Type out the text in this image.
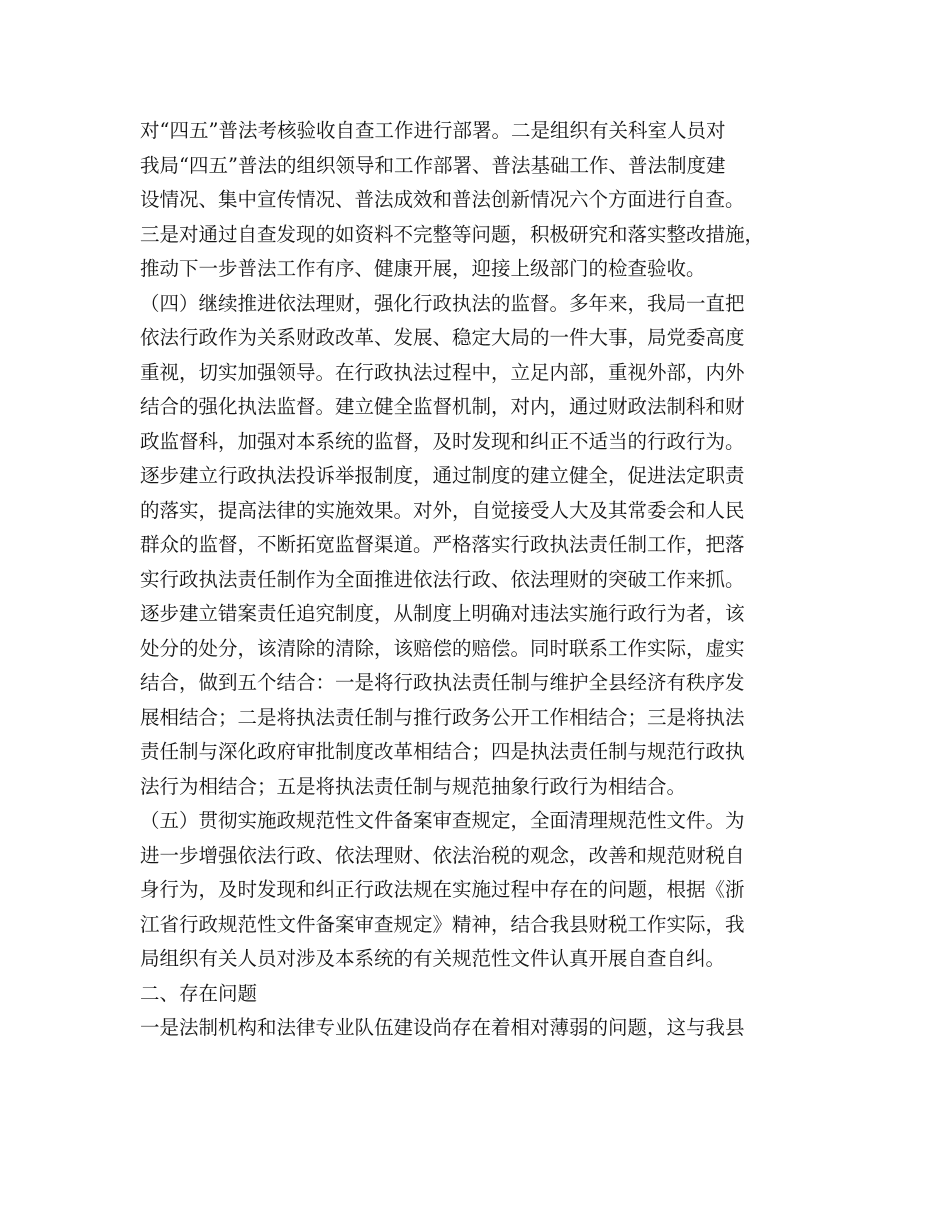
对“四五”普法考核验收自查工作进行部署。二是组织有关科室人员对
我局“四五”普法的组织领导和工作部署、普法基础工作、普法制度建
设情况、集中宣传情况、普法成效和普法创新情况六个方面进行自查。
三是对通过自查发现的如资料不完整等问题，积极研究和落实整改措施，
推动下一步普法工作有序、健康开展，迎接上级部门的检查验收。
（四）继续推进依法理财，强化行政执法的监督。多年来，我局一直把
依法行政作为关系财政改革、发展、稳定大局的一件大事，局党委高度
重视，切实加强领导。在行政执法过程中，立足内部，重视外部，内外
结合的强化执法监督。建立健全监督机制，对内，通过财政法制科和财
政监督科，加强对本系统的监督，及时发现和纠正不适当的行政行为。
逐步建立行政执法投诉举报制度，通过制度的建立健全，促进法定职责
的落实，提高法律的实施效果。对外，自觉接受人大及其常委会和人民
群众的监督，不断拓宽监督渠道。严格落实行政执法责任制工作，把落
实行政执法责任制作为全面推进依法行政、依法理财的突破工作来抓。
逐步建立错案责任追究制度，从制度上明确对违法实施行政行为者，该
处分的处分，该清除的清除，该赔偿的赔偿。同时联系工作实际，虚实
结合，做到五个结合：一是将行政执法责任制与维护全县经济有秩序发
展相结合；二是将执法责任制与推行政务公开工作相结合；三是将执法
责任制与深化政府审批制度改革相结合；四是执法责任制与规范行政执
法行为相结合；五是将执法责任制与规范抽象行政行为相结合。
（五）贯彻实施政规范性文件备案审查规定，全面清理规范性文件。为
进一步增强依法行政、依法理财、依法治税的观念，改善和规范财税自
身行为，及时发现和纠正行政法规在实施过程中存在的问题，根据《浙
江省行政规范性文件备案审查规定》精神，结合我县财税工作实际，我
局组织有关人员对涉及本系统的有关规范性文件认真开展自查自纠。
二、存在问题
一是法制机构和法律专业队伍建设尚存在着相对薄弱的问题，这与我县
